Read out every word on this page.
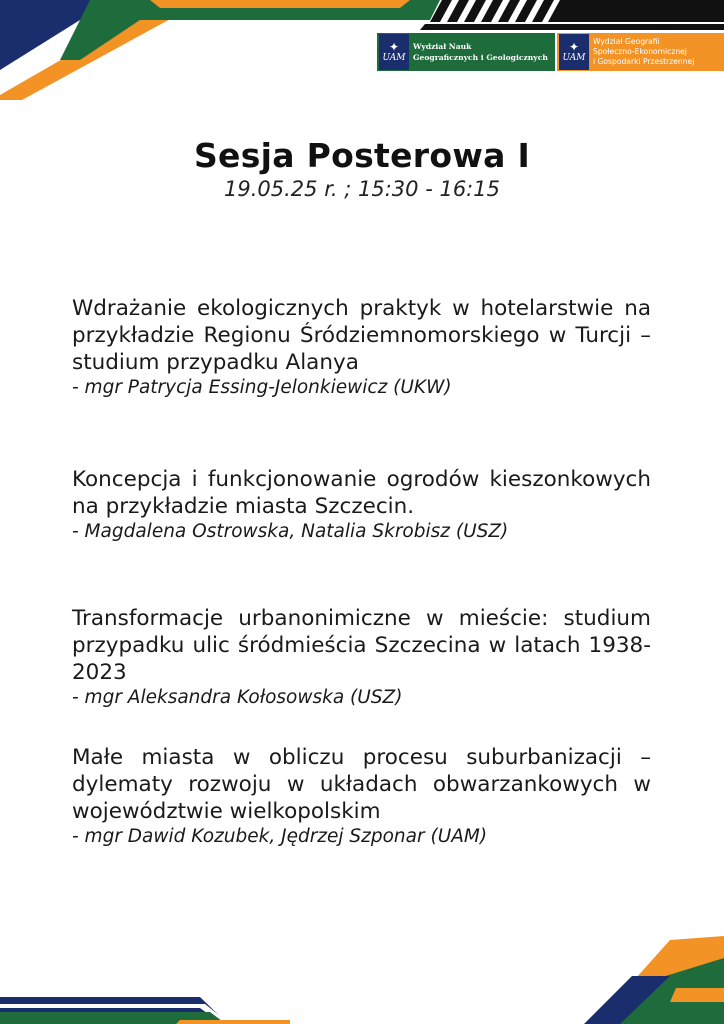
✦
UAM
Wydział Nauk
Geograficznych i Geologicznych
✦
UAM
Wydział Geografii
Społeczno-Ekonomicznej
i Gospodarki Przestrzennej
Sesja Posterowa I
19.05.25 r. ; 15:30 - 16:15
Wdrażanie ekologicznych praktyk w hotelarstwie na przykładzie Regionu Śródziemnomorskiego w Turcji – studium przypadku Alanya
- mgr Patrycja Essing-Jelonkiewicz (UKW)
Koncepcja i funkcjonowanie ogrodów kieszonkowych na przykładzie miasta Szczecin.
- Magdalena Ostrowska, Natalia Skrobisz (USZ)
Transformacje urbanonimiczne w mieście: studium przypadku ulic śródmieścia Szczecina w latach 1938-2023
- mgr Aleksandra Kołosowska (USZ)
Małe miasta w obliczu procesu suburbanizacji – dylematy rozwoju w układach obwarzankowych w województwie wielkopolskim
- mgr Dawid Kozubek, Jędrzej Szponar (UAM)
